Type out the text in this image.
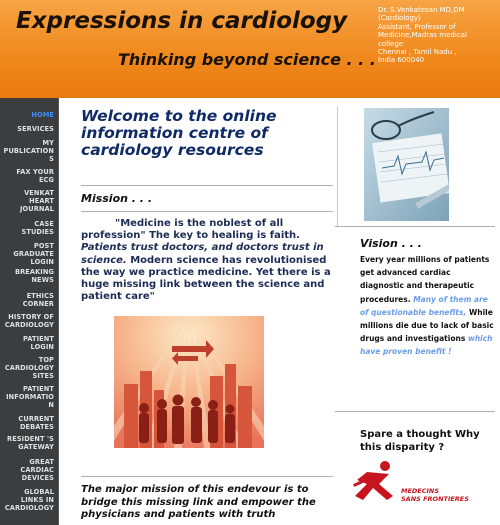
Expressions in cardiology
Thinking beyond science . . .
Dr. S.Venkatesan MD,DM
(Cardiology)
Assistant, Professor of
Medicine,Madras medical
college
Chennai , Tamil Nadu ,
India 600040
HOME
SERVICES
MY
PUBLICATION
S
FAX YOUR
ECG
VENKAT
HEART
JOURNAL
CASE
STUDIES
POST
GRADUATE
LOGIN
BREAKING
NEWS
ETHICS
CORNER
HISTORY OF
CARDIOLOGY
PATIENT
LOGIN
TOP
CARDIOLOGY
SITES
PATIENT
INFORMATIO
N
CURRENT
DEBATES
RESIDENT 'S
GATEWAY
GREAT
CARDIAC
DEVICES
GLOBAL
LINKS IN
CARDIOLOGY
Welcome to the online information centre of cardiology resources
Mission . . .
"Medicine is the noblest of all profession" The key to healing is faith. Patients trust doctors, and doctors trust in science. Modern science has revolutionised the way we practice medicine. Yet there is a huge missing link between the science and patient care"
The major mission of this endevour is to bridge this missing link and empower the physicians and patients with truth
Vision . . .
Every year millions of patients get advanced cardiac diagnostic and therapeutic procedures. Many of them are of questionable benefits, While millions die due to lack of basic drugs and investigations which have proven benefit !
Spare a thought Why this disparity ?
MEDECINS
SANS FRONTIERES
